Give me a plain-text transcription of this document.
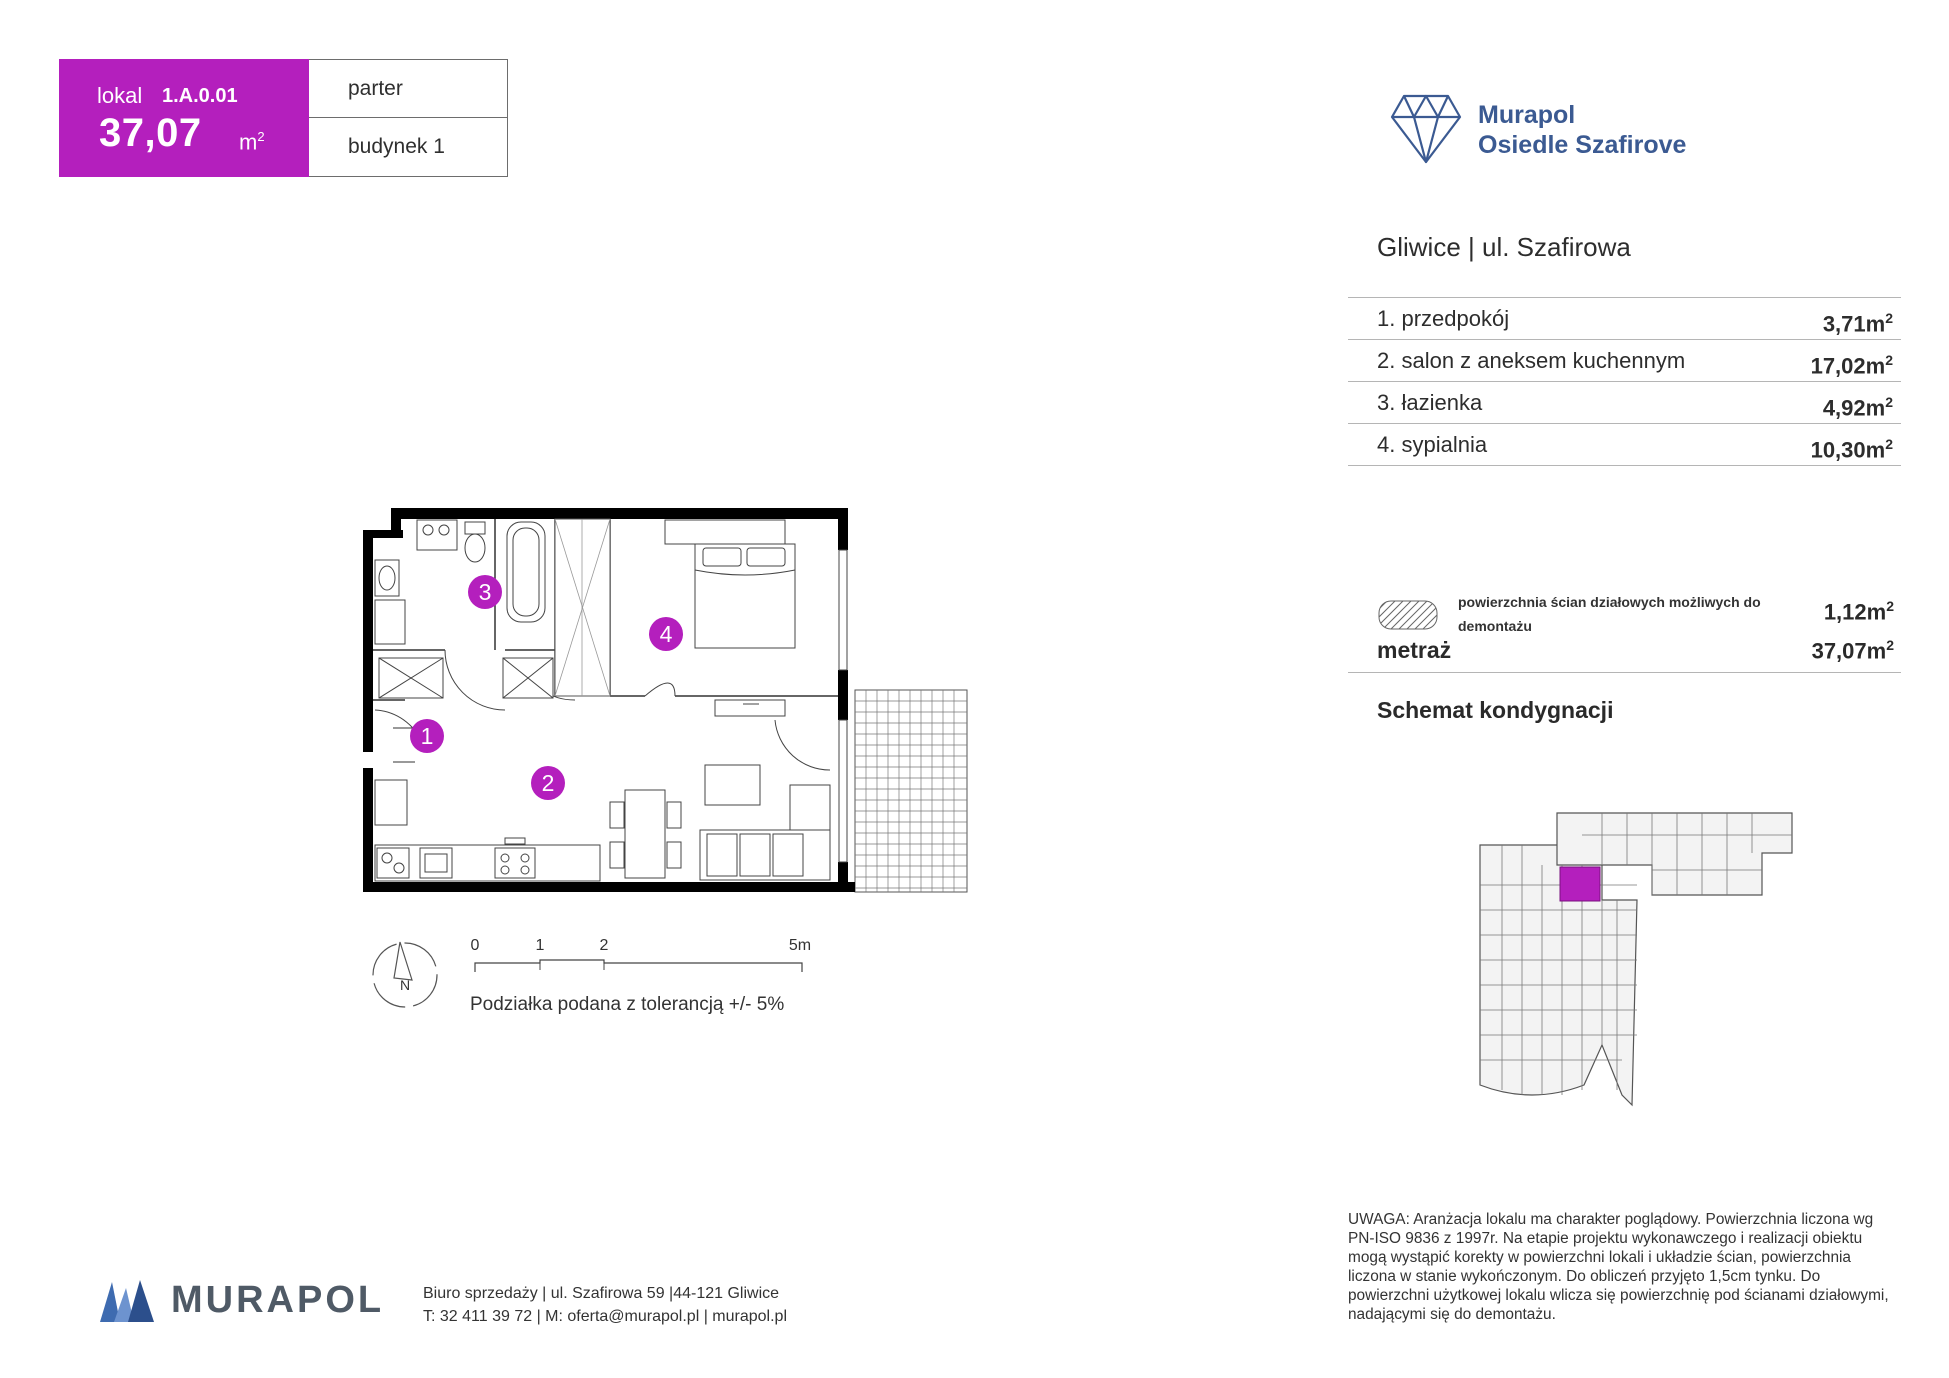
lokal 1.A.0.01
37,07 $m^2$
parter
budynek 1
Murapol
Osiedle Szafirove
Gliwice | ul. Szafirowa
1. przedpokój	$3,71m^2$
2. salon z aneksem kuchennym	$17,02m^2$
3. łazienka	$4,92m^2$
4. sypialnia	$10,30m^2$
powierzchnia ścian działowych możliwych do demontażu
$1,12m^2$
metraż	$37,07m^2$
Schemat kondygnacji
3
4
1
2
N
0	1	2	5m
Podziałka podana z tolerancją +/- 5%
MURAPOL Biuro sprzedaży | ul. Szafirowa 59 |44-121 Gliwice
T: 32 411 39 72 | M: oferta@murapol.pl | murapol.pl
UWAGA: Aranżacja lokalu ma charakter poglądowy. Powierzchnia liczona wg PN-ISO 9836 z 1997r. Na etapie projektu wykonawczego i realizacji obiektu mogą wystąpić korekty w powierzchni lokali i układzie ścian, powierzchnia liczona w stanie wykończonym. Do obliczeń przyjęto 1,5cm tynku. Do powierzchni użytkowej lokalu wlicza się powierzchnię pod ścianami działowymi, nadającymi się do demontażu.
